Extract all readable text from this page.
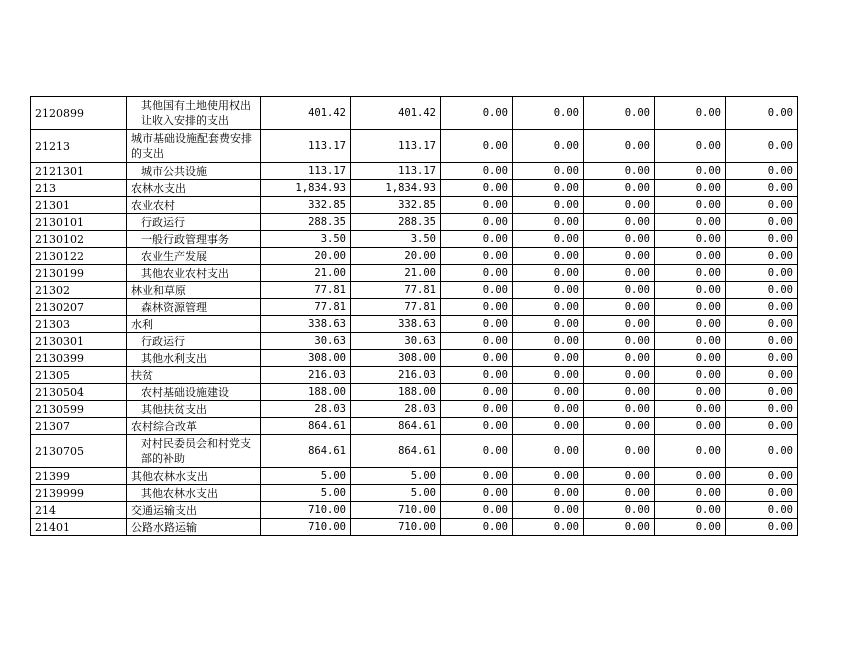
2120899	其他国有土地使用权出让收入安排的支出	401.42	401.42	0.00	0.00	0.00	0.00	0.00
21213	城市基础设施配套费安排的支出	113.17	113.17	0.00	0.00	0.00	0.00	0.00
2121301	城市公共设施	113.17	113.17	0.00	0.00	0.00	0.00	0.00
213	农林水支出	1,834.93	1,834.93	0.00	0.00	0.00	0.00	0.00
21301	农业农村	332.85	332.85	0.00	0.00	0.00	0.00	0.00
2130101	行政运行	288.35	288.35	0.00	0.00	0.00	0.00	0.00
2130102	一般行政管理事务	3.50	3.50	0.00	0.00	0.00	0.00	0.00
2130122	农业生产发展	20.00	20.00	0.00	0.00	0.00	0.00	0.00
2130199	其他农业农村支出	21.00	21.00	0.00	0.00	0.00	0.00	0.00
21302	林业和草原	77.81	77.81	0.00	0.00	0.00	0.00	0.00
2130207	森林资源管理	77.81	77.81	0.00	0.00	0.00	0.00	0.00
21303	水利	338.63	338.63	0.00	0.00	0.00	0.00	0.00
2130301	行政运行	30.63	30.63	0.00	0.00	0.00	0.00	0.00
2130399	其他水利支出	308.00	308.00	0.00	0.00	0.00	0.00	0.00
21305	扶贫	216.03	216.03	0.00	0.00	0.00	0.00	0.00
2130504	农村基础设施建设	188.00	188.00	0.00	0.00	0.00	0.00	0.00
2130599	其他扶贫支出	28.03	28.03	0.00	0.00	0.00	0.00	0.00
21307	农村综合改革	864.61	864.61	0.00	0.00	0.00	0.00	0.00
2130705	对村民委员会和村党支部的补助	864.61	864.61	0.00	0.00	0.00	0.00	0.00
21399	其他农林水支出	5.00	5.00	0.00	0.00	0.00	0.00	0.00
2139999	其他农林水支出	5.00	5.00	0.00	0.00	0.00	0.00	0.00
214	交通运输支出	710.00	710.00	0.00	0.00	0.00	0.00	0.00
21401	公路水路运输	710.00	710.00	0.00	0.00	0.00	0.00	0.00
